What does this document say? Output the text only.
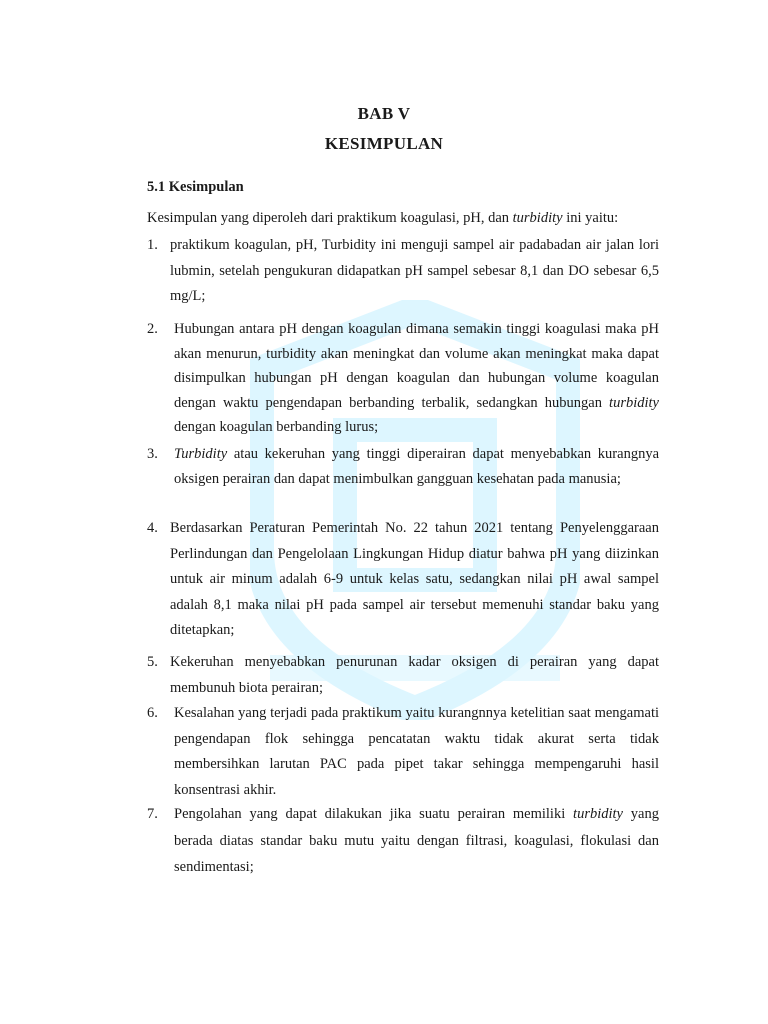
BAB V
KESIMPULAN
5.1 Kesimpulan
Kesimpulan yang diperoleh dari praktikum koagulasi, pH, dan turbidity ini yaitu:
1. praktikum koagulan, pH, Turbidity ini menguji sampel air padabadan air jalan lori lubmin, setelah pengukuran didapatkan pH sampel sebesar 8,1 dan DO sebesar 6,5 mg/L;
2. Hubungan antara pH dengan koagulan dimana semakin tinggi koagulasi maka pH akan menurun, turbidity akan meningkat dan volume akan meningkat maka dapat disimpulkan hubungan pH dengan koagulan dan hubungan volume koagulan dengan waktu pengendapan berbanding terbalik, sedangkan hubungan turbidity dengan koagulan berbanding lurus;
3. Turbidity atau kekeruhan yang tinggi diperairan dapat menyebabkan kurangnya oksigen perairan dan dapat menimbulkan gangguan kesehatan pada manusia;
4. Berdasarkan Peraturan Pemerintah No. 22 tahun 2021 tentang Penyelenggaraan Perlindungan dan Pengelolaan Lingkungan Hidup diatur bahwa pH yang diizinkan untuk air minum adalah 6-9 untuk kelas satu, sedangkan nilai pH awal sampel adalah 8,1 maka nilai pH pada sampel air tersebut memenuhi standar baku yang ditetapkan;
5. Kekeruhan menyebabkan penurunan kadar oksigen di perairan yang dapat membunuh biota perairan;
6. Kesalahan yang terjadi pada praktikum yaitu kurangnnya ketelitian saat mengamati pengendapan flok sehingga pencatatan waktu tidak akurat serta tidak membersihkan larutan PAC pada pipet takar sehingga mempengaruhi hasil konsentrasi akhir.
7. Pengolahan yang dapat dilakukan jika suatu perairan memiliki turbidity yang berada diatas standar baku mutu yaitu dengan filtrasi, koagulasi, flokulasi dan sendimentasi;
